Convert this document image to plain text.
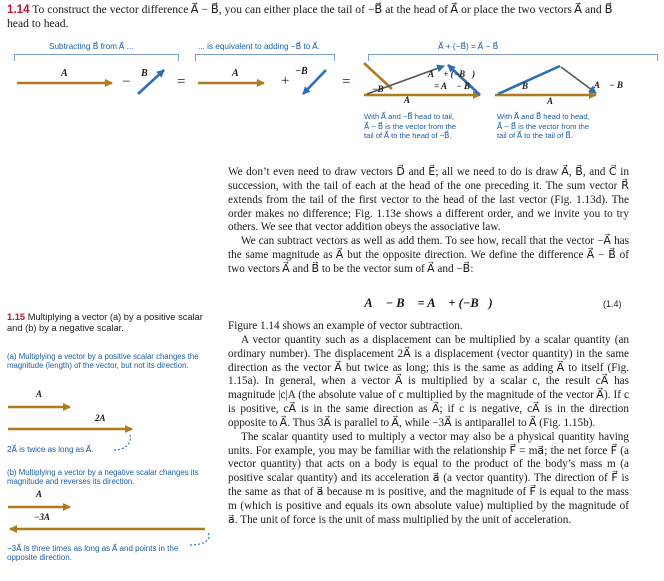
1.14 To construct the vector difference A⃗ − B⃗, you can either place the tail of −B⃗ at the head of A⃗ or place the two vectors A⃗ and B⃗
head to head.
Subtracting B⃗ from A⃗ ...	... is equivalent to adding −B⃗ to A⃗.	A⃗ + (−B⃗) = A⃗ − B⃗
A⃗
−
B⃗
=
A⃗ +
−B⃗
= −B⃗
A⃗ + (−B⃗)
= A⃗ − B⃗
A⃗
B⃗	A⃗ − B⃗
A⃗
With A⃗ and −B⃗ head to tail,
A⃗ − B⃗ is the vector from the
tail of A⃗ to the head of −B⃗.
With A⃗ and B⃗ head to head,
A⃗ − B⃗ is the vector from the
tail of A⃗ to the tail of B⃗.

We don’t even need to draw vectors D⃗ and E⃗; all we need to do is draw A⃗, B⃗, and C⃗ in succession, with the tail of each at the head of the one preceding it. The sum vector R⃗ extends from the tail of the first vector to the head of the last vector (Fig. 1.13d). The order makes no difference; Fig. 1.13e shows a different order, and we invite you to try others. We see that vector addition obeys the associative law.

We can subtract vectors as well as add them. To see how, recall that the vector −A⃗ has the same magnitude as A⃗ but the opposite direction. We define the difference A⃗ − B⃗ of two vectors A⃗ and B⃗ to be the vector sum of A⃗ and −B⃗:

A⃗ − B⃗ = A⃗ + (−B⃗)	(1.4)

Figure 1.14 shows an example of vector subtraction.

A vector quantity such as a displacement can be multiplied by a scalar quantity (an ordinary number). The displacement 2A⃗ is a displacement (vector quantity) in the same direction as the vector A⃗ but twice as long; this is the same as adding A⃗ to itself (Fig. 1.15a). In general, when a vector A⃗ is multiplied by a scalar c, the result cA⃗ has magnitude |c|A (the absolute value of c multiplied by the magnitude of the vector A⃗). If c is positive, cA⃗ is in the same direction as A⃗; if c is negative, cA⃗ is in the direction opposite to A⃗. Thus 3A⃗ is parallel to A⃗, while −3A⃗ is antiparallel to A⃗ (Fig. 1.15b).

The scalar quantity used to multiply a vector may also be a physical quantity having units. For example, you may be familiar with the relationship F⃗ = ma⃗; the net force F⃗ (a vector quantity) that acts on a body is equal to the product of the body’s mass m (a positive scalar quantity) and its acceleration a⃗ (a vector quantity). The direction of F⃗ is the same as that of a⃗ because m is positive, and the magnitude of F⃗ is equal to the mass m (which is positive and equals its own absolute value) multiplied by the magnitude of a⃗. The unit of force is the unit of mass multiplied by the unit of acceleration.

1.15 Multiplying a vector (a) by a positive scalar and (b) by a negative scalar.
(a) Multiplying a vector by a positive scalar changes the magnitude (length) of the vector, but not its direction.
A⃗
2A⃗
2A⃗ is twice as long as A⃗.
(b) Multiplying a vector by a negative scalar changes its magnitude and reverses its direction.
A⃗
−3A⃗
−3A⃗ is three times as long as A⃗ and points in the opposite direction.
